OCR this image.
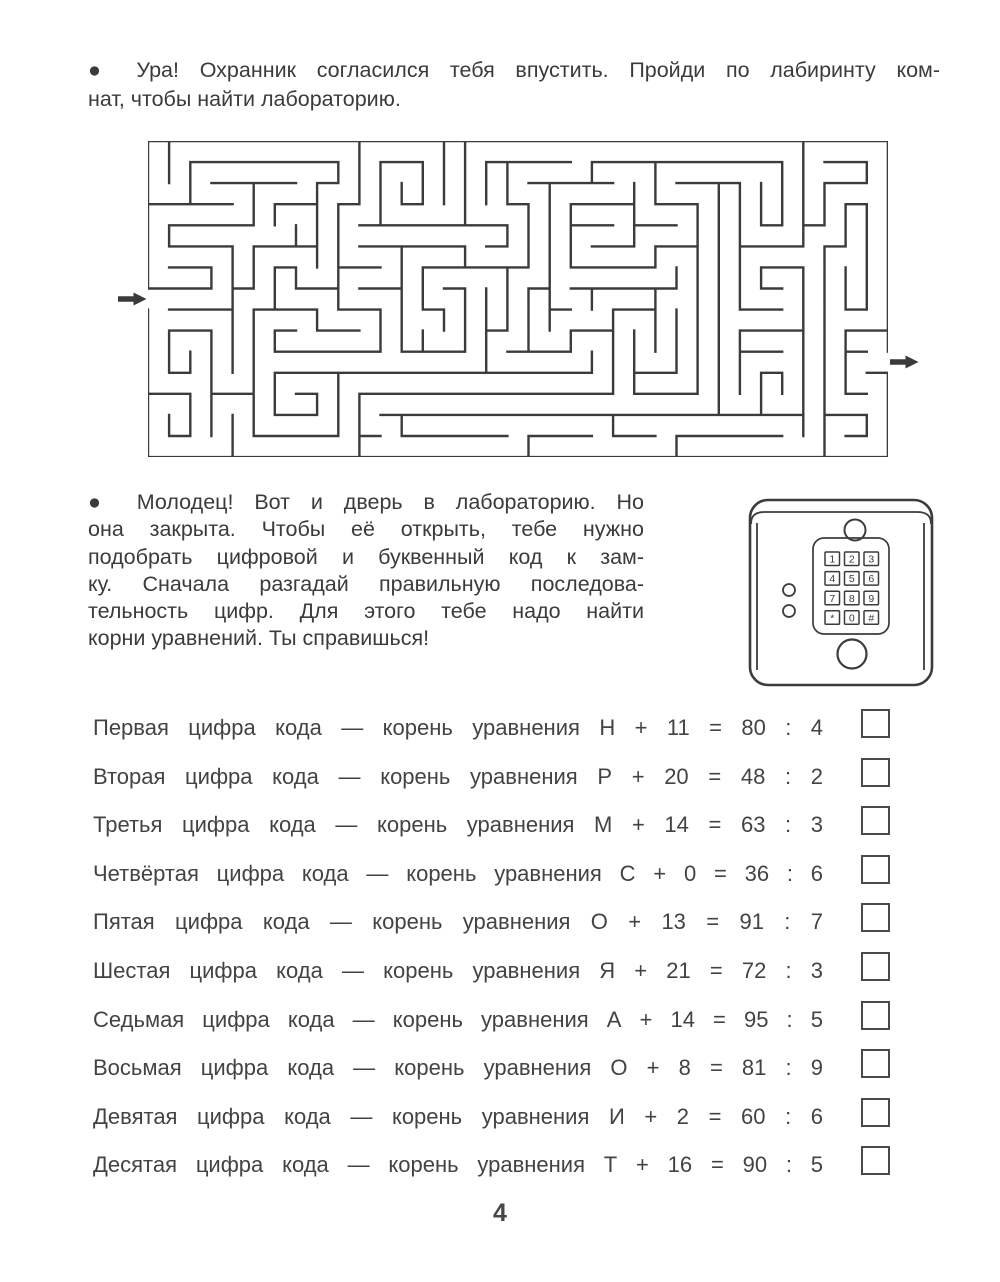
● Ура! Охранник согласился тебя впустить. Пройди по лабиринту ком-
нат, чтобы найти лабораторию.
● Молодец! Вот и дверь в лабораторию. Но
она закрыта. Чтобы её открыть, тебе нужно
подобрать цифровой и буквенный код к зам-
ку. Сначала разгадай правильную последова-
тельность цифр. Для этого тебе надо найти
корни уравнений. Ты справишься!
1 2 3
4 5 6
7 8 9
* 0 #
Первая цифра кода — корень уравнения Н + 11 = 80 : 4
Вторая цифра кода — корень уравнения Р + 20 = 48 : 2
Третья цифра кода — корень уравнения М + 14 = 63 : 3
Четвёртая цифра кода — корень уравнения С + 0 = 36 : 6
Пятая цифра кода — корень уравнения О + 13 = 91 : 7
Шестая цифра кода — корень уравнения Я + 21 = 72 : 3
Седьмая цифра кода — корень уравнения А + 14 = 95 : 5
Восьмая цифра кода — корень уравнения О + 8 = 81 : 9
Девятая цифра кода — корень уравнения И + 2 = 60 : 6
Десятая цифра кода — корень уравнения Т + 16 = 90 : 5
4
